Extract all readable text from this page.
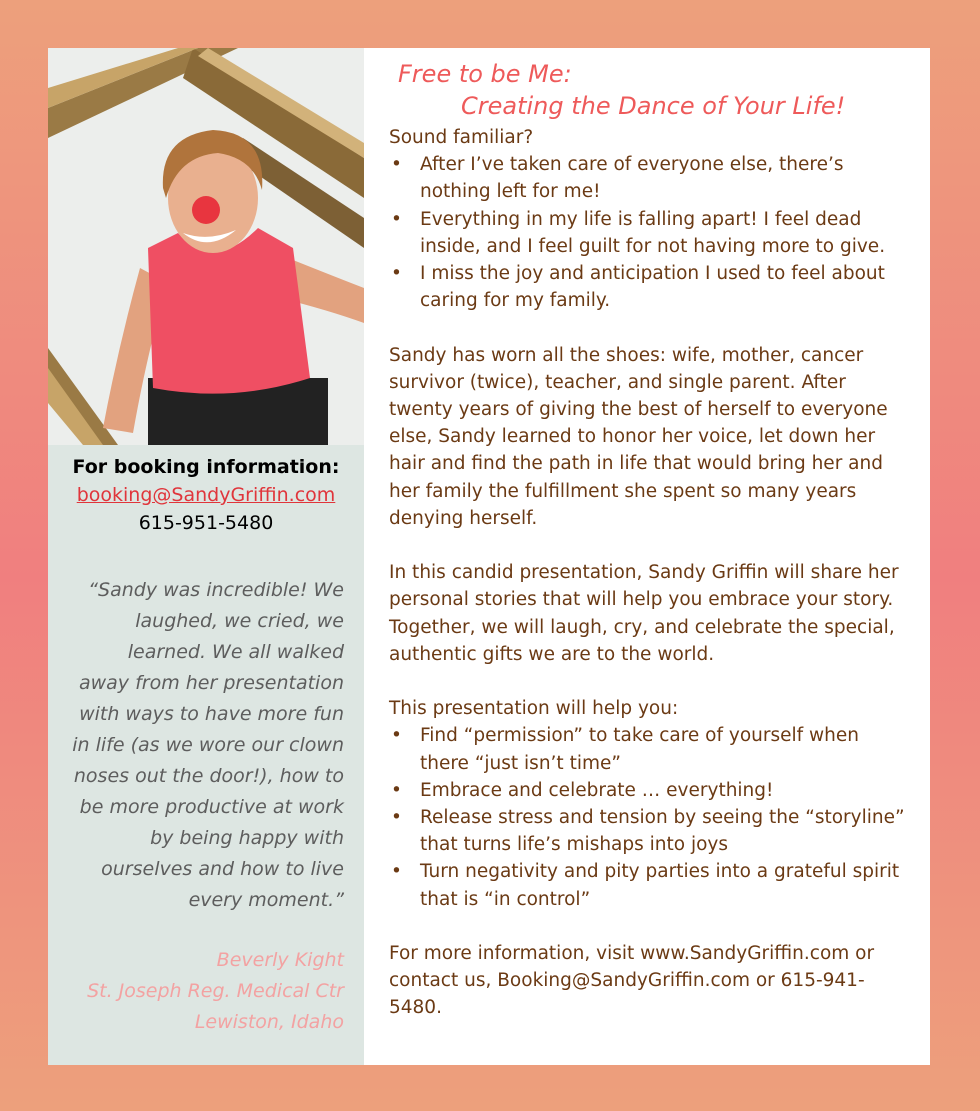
For booking information:
booking@SandyGriffin.com
615-951-5480
“Sandy was incredible! We laughed, we cried, we learned. We all walked away from her presentation with ways to have more fun in life (as we wore our clown noses out the door!), how to be more productive at work by being happy with ourselves and how to live every moment.”
Beverly Kight
St. Joseph Reg. Medical Ctr
Lewiston, Idaho
Free to be Me:
Creating the Dance of Your Life!

Sound familiar?

• After I’ve taken care of everyone else, there’s nothing left for me!
• Everything in my life is falling apart! I feel dead inside, and I feel guilt for not having more to give.
• I miss the joy and anticipation I used to feel about caring for my family.

Sandy has worn all the shoes: wife, mother, cancer survivor (twice), teacher, and single parent. After twenty years of giving the best of herself to everyone else, Sandy learned to honor her voice, let down her hair and find the path in life that would bring her and her family the fulfillment she spent so many years denying herself.

In this candid presentation, Sandy Griffin will share her personal stories that will help you embrace your story. Together, we will laugh, cry, and celebrate the special, authentic gifts we are to the world.

This presentation will help you:

• Find “permission” to take care of yourself when there “just isn’t time”
• Embrace and celebrate … everything!
• Release stress and tension by seeing the “storyline” that turns life’s mishaps into joys
• Turn negativity and pity parties into a grateful spirit that is “in control”

For more information, visit www.SandyGriffin.com or contact us, Booking@SandyGriffin.com or 615-941-5480.
